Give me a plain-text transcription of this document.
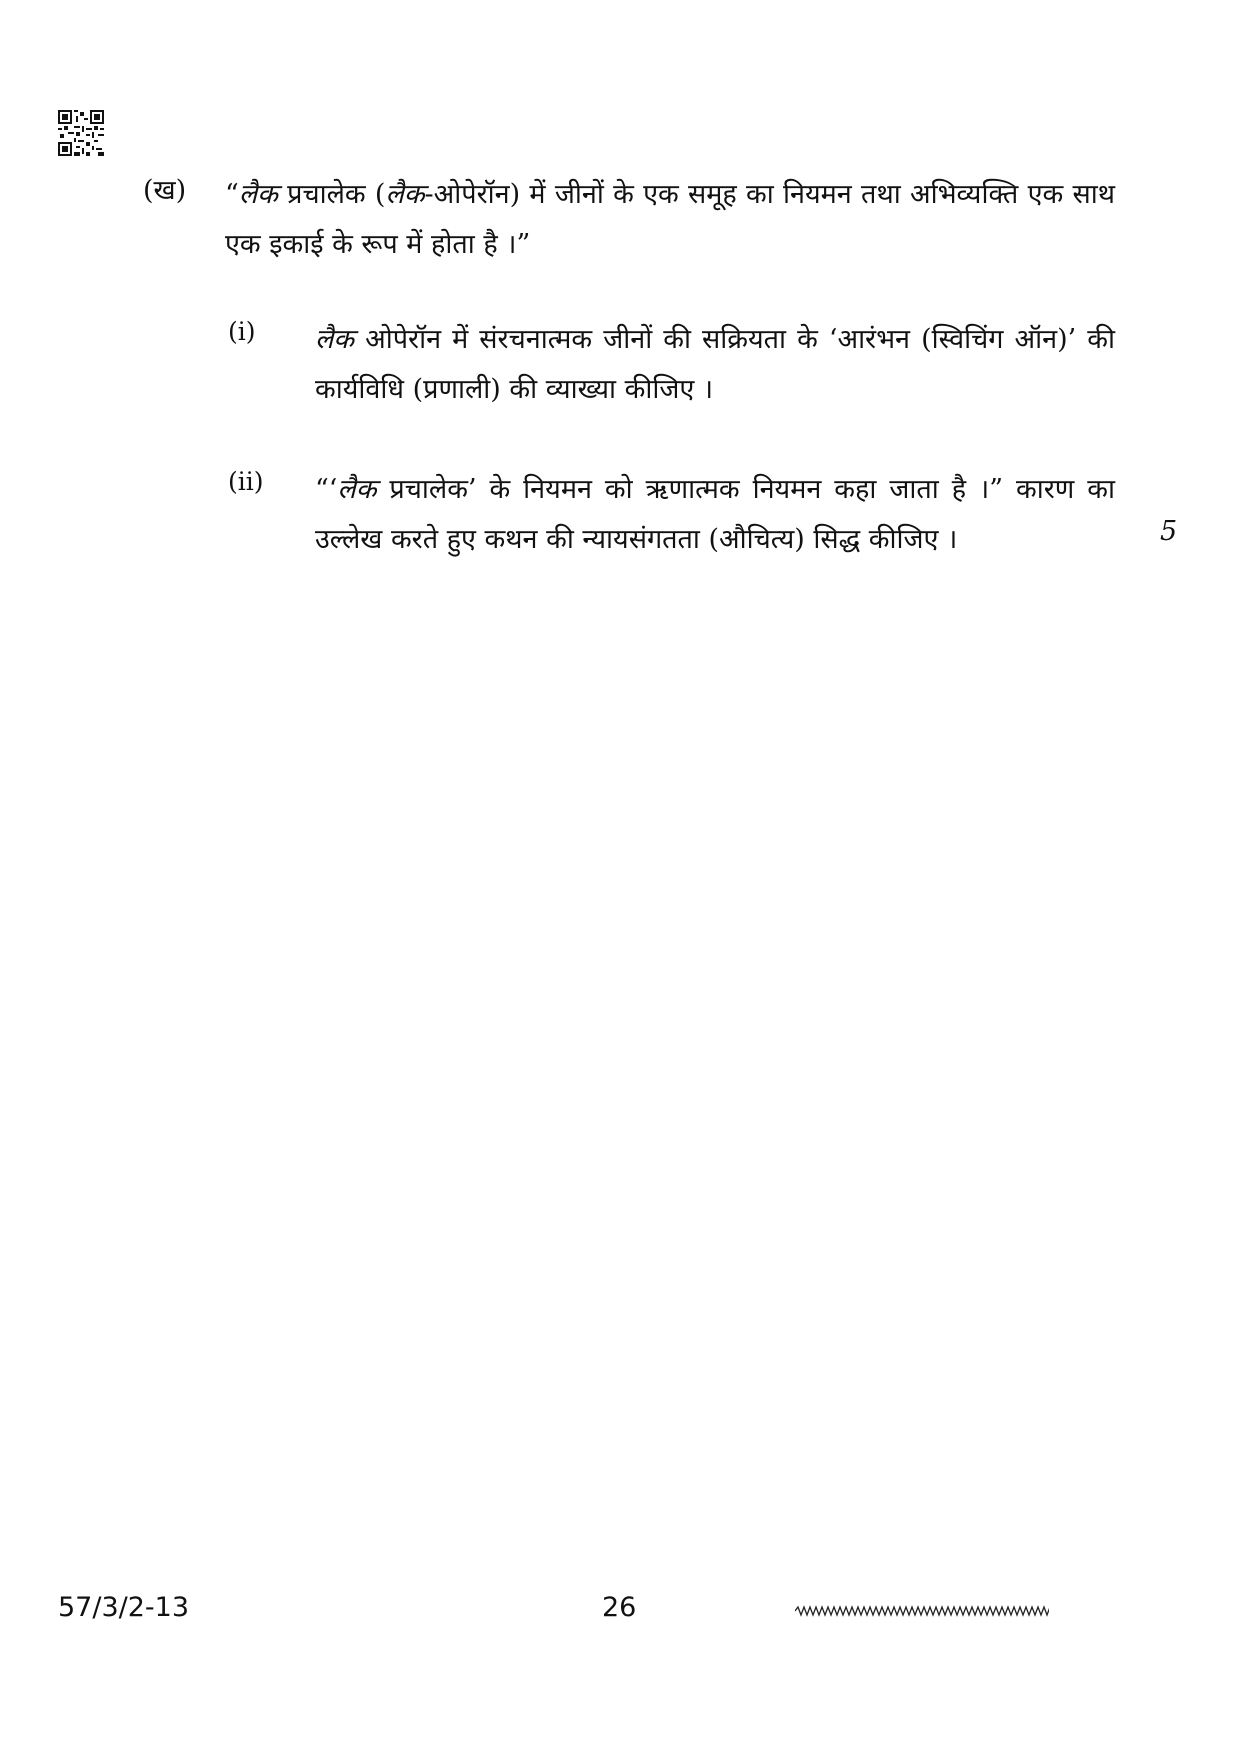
(ख) “लैक प्रचालेक (लैक-ओपेरॉन) में जीनों के एक समूह का नियमन तथा अभिव्यक्ति एक साथ एक इकाई के रूप में होता है ।”
(i) लैक ओपेरॉन में संरचनात्मक जीनों की सक्रियता के ‘आरंभन (स्विचिंग ऑन)’ की कार्यविधि (प्रणाली) की व्याख्या कीजिए ।
(ii) “‘लैक प्रचालेक’ के नियमन को ऋणात्मक नियमन कहा जाता है ।” कारण का उल्लेख करते हुए कथन की न्यायसंगतता (औचित्य) सिद्ध कीजिए ।	5
57/3/2-13	26
